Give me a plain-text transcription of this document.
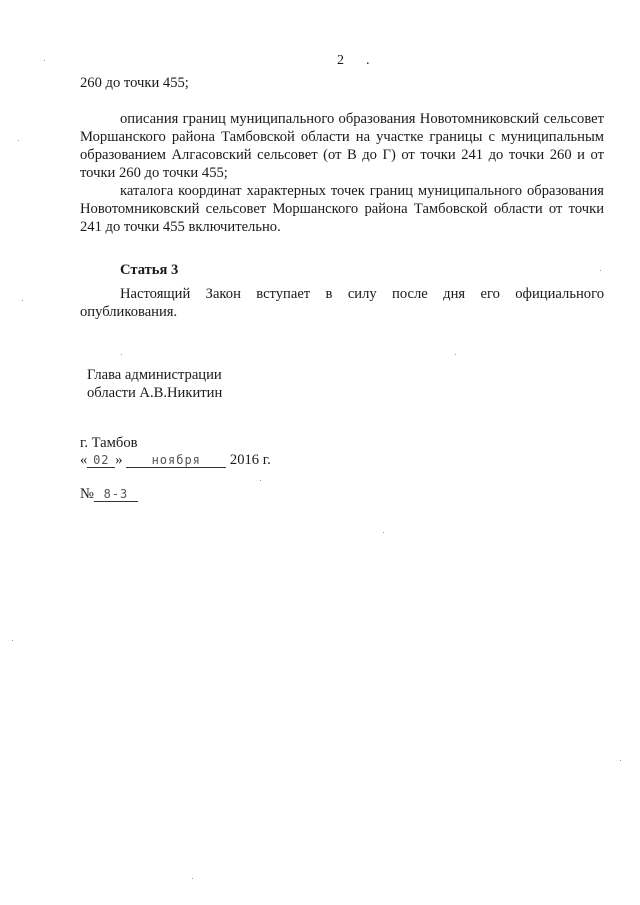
2 .
260 до точки 455;
описания границ муниципального образования Новотомниковский сельсовет Моршанского района Тамбовской области на участке границы с муниципальным образованием Алгасовский сельсовет (от В до Г) от точки 241 до точки 260 и от точки 260 до точки 455;
каталога координат характерных точек границ муниципального образования Новотомниковский сельсовет Моршанского района Тамбовской области от точки 241 до точки 455 включительно.
Статья 3
Настоящий Закон вступает в силу после дня его официального опубликования.
Глава администрации
области А.В.Никитин
г. Тамбов
« 02 » ноября 2016 г.
№ 8-3
